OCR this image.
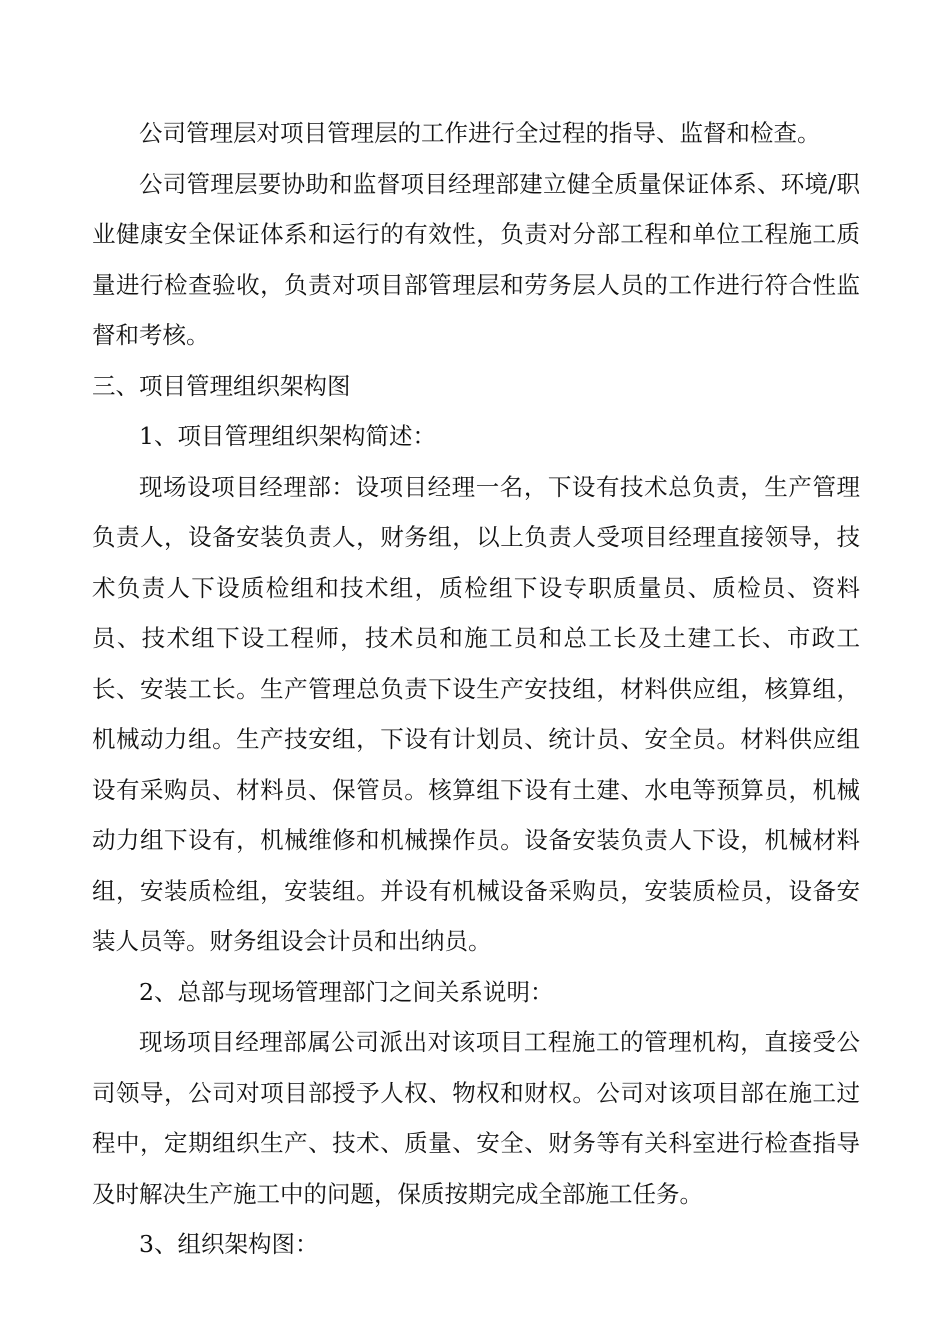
公司管理层对项目管理层的工作进行全过程的指导、监督和检查。

公司管理层要协助和监督项目经理部建立健全质量保证体系、环境/职业健康安全保证体系和运行的有效性，负责对分部工程和单位工程施工质量进行检查验收，负责对项目部管理层和劳务层人员的工作进行符合性监督和考核。

三、项目管理组织架构图

1、项目管理组织架构简述：

现场设项目经理部：设项目经理一名，下设有技术总负责，生产管理负责人，设备安装负责人，财务组，以上负责人受项目经理直接领导，技术负责人下设质检组和技术组，质检组下设专职质量员、质检员、资料员、技术组下设工程师，技术员和施工员和总工长及土建工长、市政工长、安装工长。生产管理总负责下设生产安技组，材料供应组，核算组，机械动力组。生产技安组，下设有计划员、统计员、安全员。材料供应组设有采购员、材料员、保管员。核算组下设有土建、水电等预算员，机械动力组下设有，机械维修和机械操作员。设备安装负责人下设，机械材料组，安装质检组，安装组。并设有机械设备采购员，安装质检员，设备安装人员等。财务组设会计员和出纳员。

2、总部与现场管理部门之间关系说明：

现场项目经理部属公司派出对该项目工程施工的管理机构，直接受公司领导，公司对项目部授予人权、物权和财权。公司对该项目部在施工过程中，定期组织生产、技术、质量、安全、财务等有关科室进行检查指导及时解决生产施工中的问题，保质按期完成全部施工任务。

3、组织架构图：
